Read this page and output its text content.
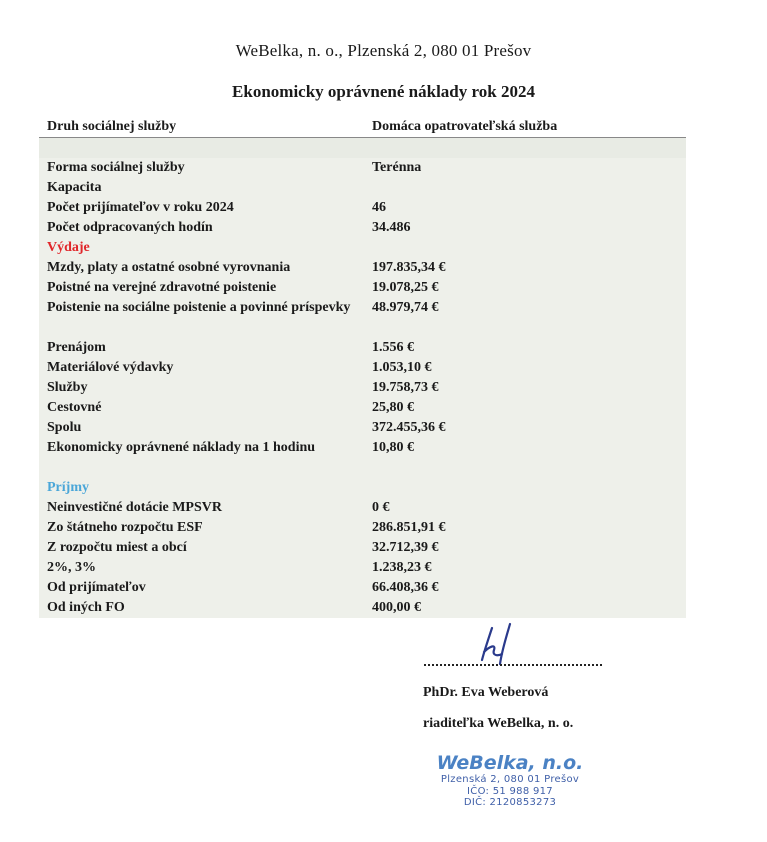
WeBelka, n. o., Plzenská 2, 080 01 Prešov
Ekonomicky oprávnené náklady rok 2024
Druh sociálnej služby	Domáca opatrovateľská služba
Forma sociálnej služby	Terénna
Kapacita
Počet prijímateľov v roku 2024	46
Počet odpracovaných hodín	34.486
Výdaje
Mzdy, platy a ostatné osobné vyrovnania	197.835,34 €
Poistné na verejné zdravotné poistenie	19.078,25 €
Poistenie na sociálne poistenie a povinné príspevky	48.979,74 €
Prenájom	1.556 €
Materiálové výdavky	1.053,10 €
Služby	19.758,73 €
Cestovné	25,80 €
Spolu	372.455,36 €
Ekonomicky oprávnené náklady na 1 hodinu	10,80 €
Príjmy
Neinvestičné dotácie MPSVR	0 €
Zo štátneho rozpočtu ESF	286.851,91 €
Z rozpočtu miest a obcí	32.712,39 €
2%, 3%	1.238,23 €
Od prijímateľov	66.408,36 €
Od iných FO	400,00 €
PhDr. Eva Weberová
riaditeľka WeBelka, n. o.
WeBelka, n.o.
Plzenská 2, 080 01 Prešov
IČO: 51 988 917
DIČ: 2120853273
